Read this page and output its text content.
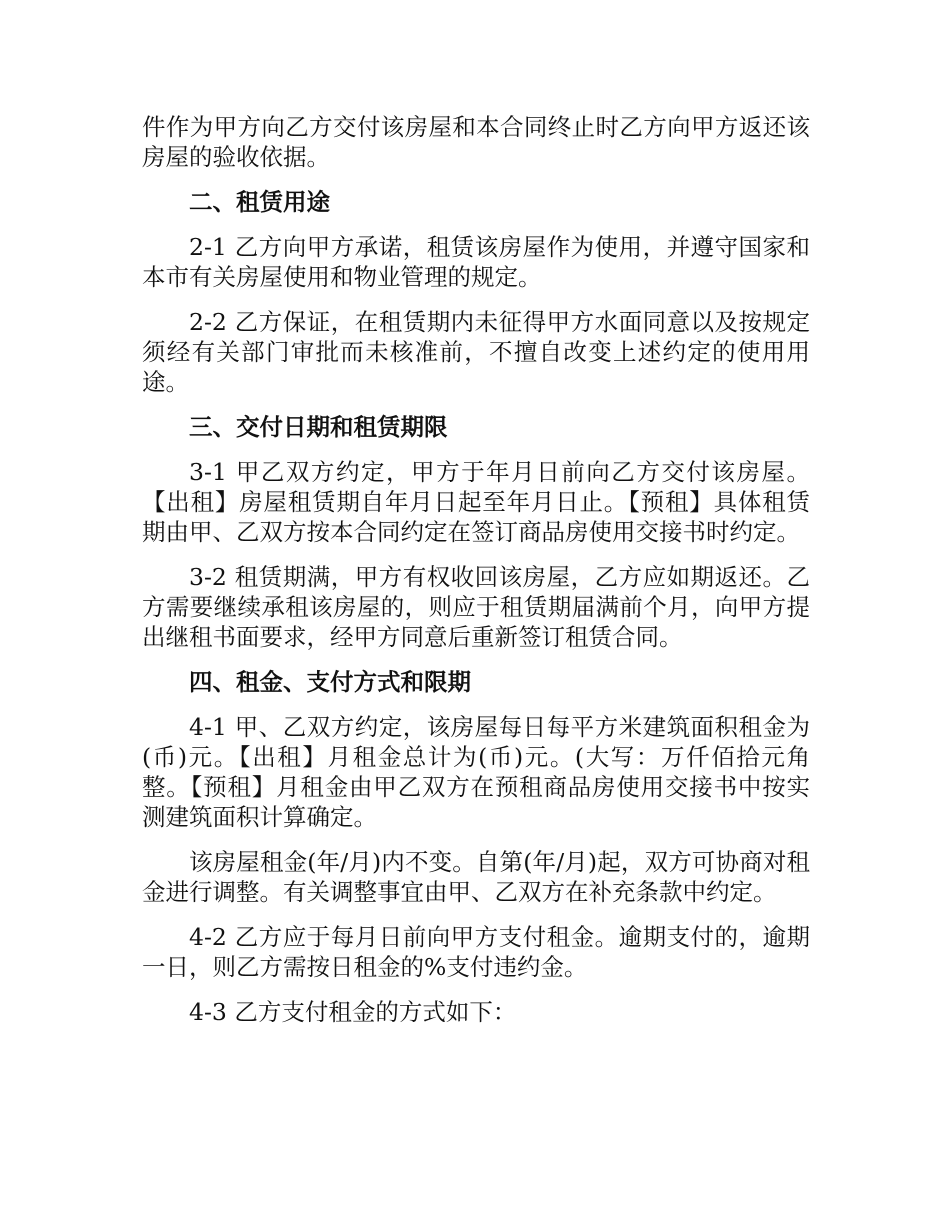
件作为甲方向乙方交付该房屋和本合同终止时乙方向甲方返还该房屋的验收依据。

二、租赁用途

2-1 乙方向甲方承诺，租赁该房屋作为使用，并遵守国家和本市有关房屋使用和物业管理的规定。

2-2 乙方保证，在租赁期内未征得甲方水面同意以及按规定须经有关部门审批而未核准前，不擅自改变上述约定的使用用途。

三、交付日期和租赁期限

3-1 甲乙双方约定，甲方于年月日前向乙方交付该房屋。【出租】房屋租赁期自年月日起至年月日止。【预租】具体租赁期由甲、乙双方按本合同约定在签订商品房使用交接书时约定。

3-2 租赁期满，甲方有权收回该房屋，乙方应如期返还。乙方需要继续承租该房屋的，则应于租赁期届满前个月，向甲方提出继租书面要求，经甲方同意后重新签订租赁合同。

四、租金、支付方式和限期

4-1 甲、乙双方约定，该房屋每日每平方米建筑面积租金为(币)元。【出租】月租金总计为(币)元。(大写：万仟佰拾元角整。【预租】月租金由甲乙双方在预租商品房使用交接书中按实测建筑面积计算确定。

该房屋租金(年/月)内不变。自第(年/月)起，双方可协商对租金进行调整。有关调整事宜由甲、乙双方在补充条款中约定。

4-2 乙方应于每月日前向甲方支付租金。逾期支付的，逾期一日，则乙方需按日租金的%支付违约金。

4-3 乙方支付租金的方式如下：
